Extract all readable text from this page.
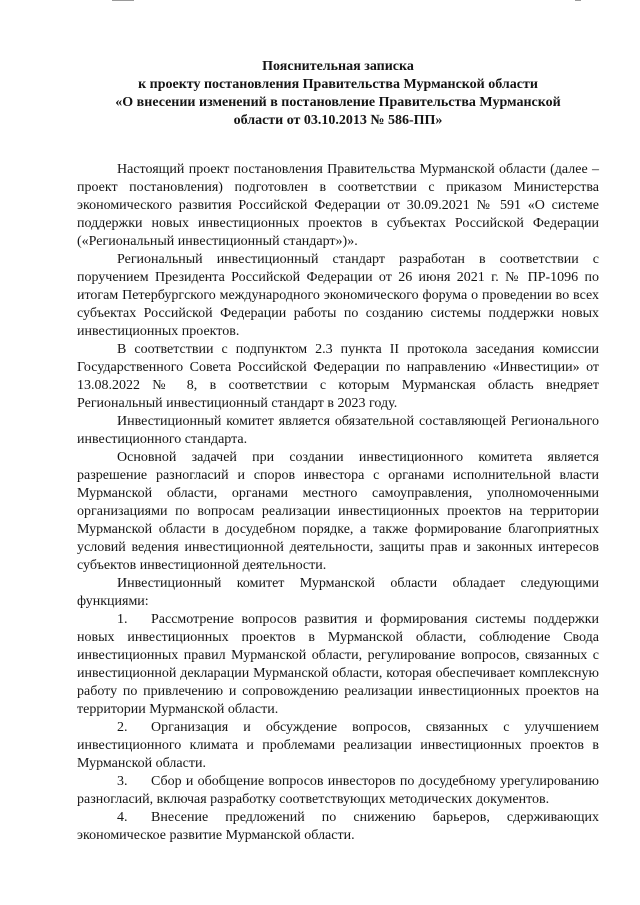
Пояснительная записка
к проекту постановления Правительства Мурманской области
«О внесении изменений в постановление Правительства Мурманской
области от 03.10.2013 № 586-ПП»

Настоящий проект постановления Правительства Мурманской области (далее – проект постановления) подготовлен в соответствии с приказом Министерства экономического развития Российской Федерации от 30.09.2021 № 591 «О системе поддержки новых инвестиционных проектов в субъектах Российской Федерации («Региональный инвестиционный стандарт»)».

Региональный инвестиционный стандарт разработан в соответствии с поручением Президента Российской Федерации от 26 июня 2021 г. № ПР-1096 по итогам Петербургского международного экономического форума о проведении во всех субъектах Российской Федерации работы по созданию системы поддержки новых инвестиционных проектов.

В соответствии с подпунктом 2.3 пункта II протокола заседания комиссии Государственного Совета Российской Федерации по направлению «Инвестиции» от 13.08.2022 № 8, в соответствии с которым Мурманская область внедряет Региональный инвестиционный стандарт в 2023 году.

Инвестиционный комитет является обязательной составляющей Регионального инвестиционного стандарта.

Основной задачей при создании инвестиционного комитета является разрешение разногласий и споров инвестора с органами исполнительной власти Мурманской области, органами местного самоуправления, уполномоченными организациями по вопросам реализации инвестиционных проектов на территории Мурманской области в досудебном порядке, а также формирование благоприятных условий ведения инвестиционной деятельности, защиты прав и законных интересов субъектов инвестиционной деятельности.

Инвестиционный комитет Мурманской области обладает следующими функциями:

1. Рассмотрение вопросов развития и формирования системы поддержки новых инвестиционных проектов в Мурманской области, соблюдение Свода инвестиционных правил Мурманской области, регулирование вопросов, связанных с инвестиционной декларации Мурманской области, которая обеспечивает комплексную работу по привлечению и сопровождению реализации инвестиционных проектов на территории Мурманской области.

2. Организация и обсуждение вопросов, связанных с улучшением инвестиционного климата и проблемами реализации инвестиционных проектов в Мурманской области.

3. Сбор и обобщение вопросов инвесторов по досудебному урегулированию разногласий, включая разработку соответствующих методических документов.

4. Внесение предложений по снижению барьеров, сдерживающих экономическое развитие Мурманской области.
